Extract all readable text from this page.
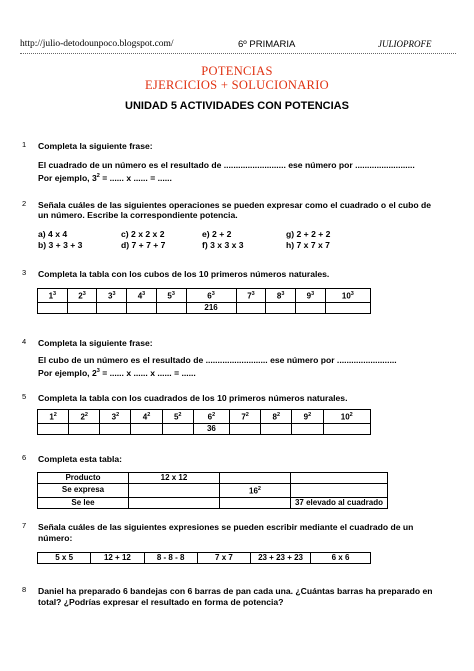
http://julio-detodounpoco.blogspot.com/	6º PRIMARIA	JULIOPROFE
POTENCIAS
EJERCICIOS + SOLUCIONARIO
UNIDAD 5 ACTIVIDADES CON POTENCIAS
1 Completa la siguiente frase:
El cuadrado de un número es el resultado de .......................... ese número por .........................
Por ejemplo, $3^2$ = ...... x ...... = ......
2 Señala cuáles de las siguientes operaciones se pueden expresar como el cuadrado o el cubo de
un número. Escribe la correspondiente potencia.
a) 4 x 4	c) 2 x 2 x 2	e) 2 + 2	g) 2 + 2 + 2
b) 3 + 3 + 3	d) 7 + 7 + 7	f) 3 x 3 x 3	h) 7 x 7 x 7
3 Completa la tabla con los cubos de los 10 primeros números naturales.
$1^3$	$2^3$	$3^3$	$4^3$	$5^3$	$6^3$	$7^3$	$8^3$	$9^3$	$10^3$
					216				
4 Completa la siguiente frase:
El cubo de un número es el resultado de .......................... ese número por .........................
Por ejemplo, $2^3$ = ...... x ...... x ...... = ......
5 Completa la tabla con los cuadrados de los 10 primeros números naturales.
$1^2$	$2^2$	$3^2$	$4^2$	$5^2$	$6^2$	$7^2$	$8^2$	$9^2$	$10^2$
					36				
6 Completa esta tabla:
Producto	12 x 12		
Se expresa		$16^2$	
Se lee			37 elevado al cuadrado
7 Señala cuáles de las siguientes expresiones se pueden escribir mediante el cuadrado de un
número:
5 x 5	12 + 12	8 - 8 - 8	7 x 7	23 + 23 + 23	6 x 6
8 Daniel ha preparado 6 bandejas con 6 barras de pan cada una. ¿Cuántas barras ha preparado en
total? ¿Podrías expresar el resultado en forma de potencia?
